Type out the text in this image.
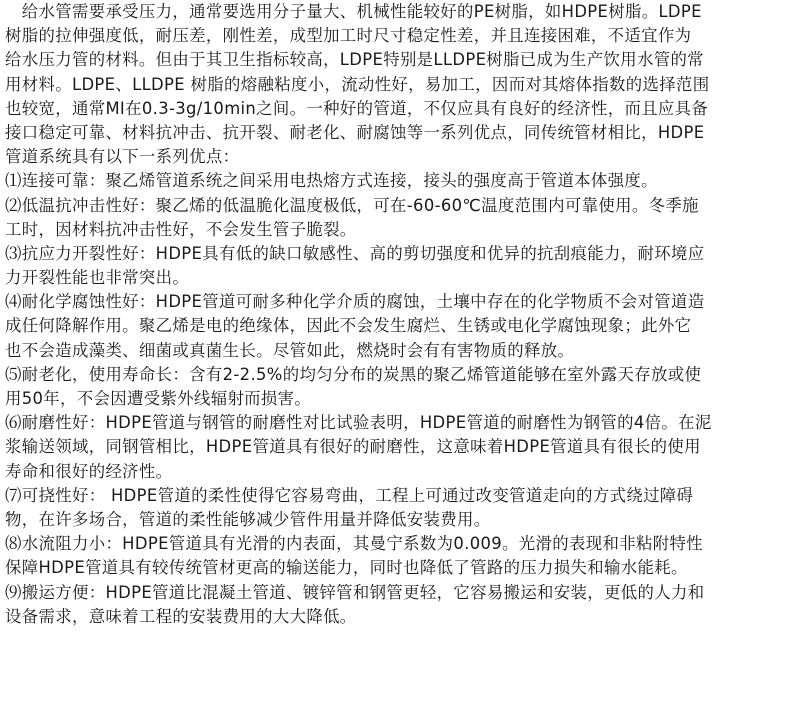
　给水管需要承受压力，通常要选用分子量大、机械性能较好的PE树脂，如HDPE树脂。LDPE
树脂的拉伸强度低，耐压差，刚性差，成型加工时尺寸稳定性差，并且连接困难，不适宜作为
给水压力管的材料。但由于其卫生指标较高，LDPE特别是LLDPE树脂已成为生产饮用水管的常
用材料。LDPE、LLDPE 树脂的熔融粘度小，流动性好，易加工，因而对其熔体指数的选择范围
也较宽，通常MI在0.3-3g/10min之间。一种好的管道，不仅应具有良好的经济性，而且应具备
接口稳定可靠、材料抗冲击、抗开裂、耐老化、耐腐蚀等一系列优点，同传统管材相比，HDPE
管道系统具有以下一系列优点：
⑴连接可靠：聚乙烯管道系统之间采用电热熔方式连接，接头的强度高于管道本体强度。
⑵低温抗冲击性好：聚乙烯的低温脆化温度极低，可在-60-60℃温度范围内可靠使用。冬季施
工时，因材料抗冲击性好，不会发生管子脆裂。
⑶抗应力开裂性好：HDPE具有低的缺口敏感性、高的剪切强度和优异的抗刮痕能力，耐环境应
力开裂性能也非常突出。
⑷耐化学腐蚀性好：HDPE管道可耐多种化学介质的腐蚀，土壤中存在的化学物质不会对管道造
成任何降解作用。聚乙烯是电的绝缘体，因此不会发生腐烂、生锈或电化学腐蚀现象；此外它
也不会造成藻类、细菌或真菌生长。尽管如此，燃烧时会有有害物质的释放。
⑸耐老化，使用寿命长：含有2-2.5%的均匀分布的炭黑的聚乙烯管道能够在室外露天存放或使
用50年，不会因遭受紫外线辐射而损害。
⑹耐磨性好：HDPE管道与钢管的耐磨性对比试验表明，HDPE管道的耐磨性为钢管的4倍。在泥
浆输送领域，同钢管相比，HDPE管道具有很好的耐磨性，这意味着HDPE管道具有很长的使用
寿命和很好的经济性。
⑺可挠性好： HDPE管道的柔性使得它容易弯曲，工程上可通过改变管道走向的方式绕过障碍
物，在许多场合，管道的柔性能够减少管件用量并降低安装费用。
⑻水流阻力小：HDPE管道具有光滑的内表面，其曼宁系数为0.009。光滑的表现和非粘附特性
保障HDPE管道具有较传统管材更高的输送能力，同时也降低了管路的压力损失和输水能耗。
⑼搬运方便：HDPE管道比混凝土管道、镀锌管和钢管更轻，它容易搬运和安装，更低的人力和
设备需求，意味着工程的安装费用的大大降低。
